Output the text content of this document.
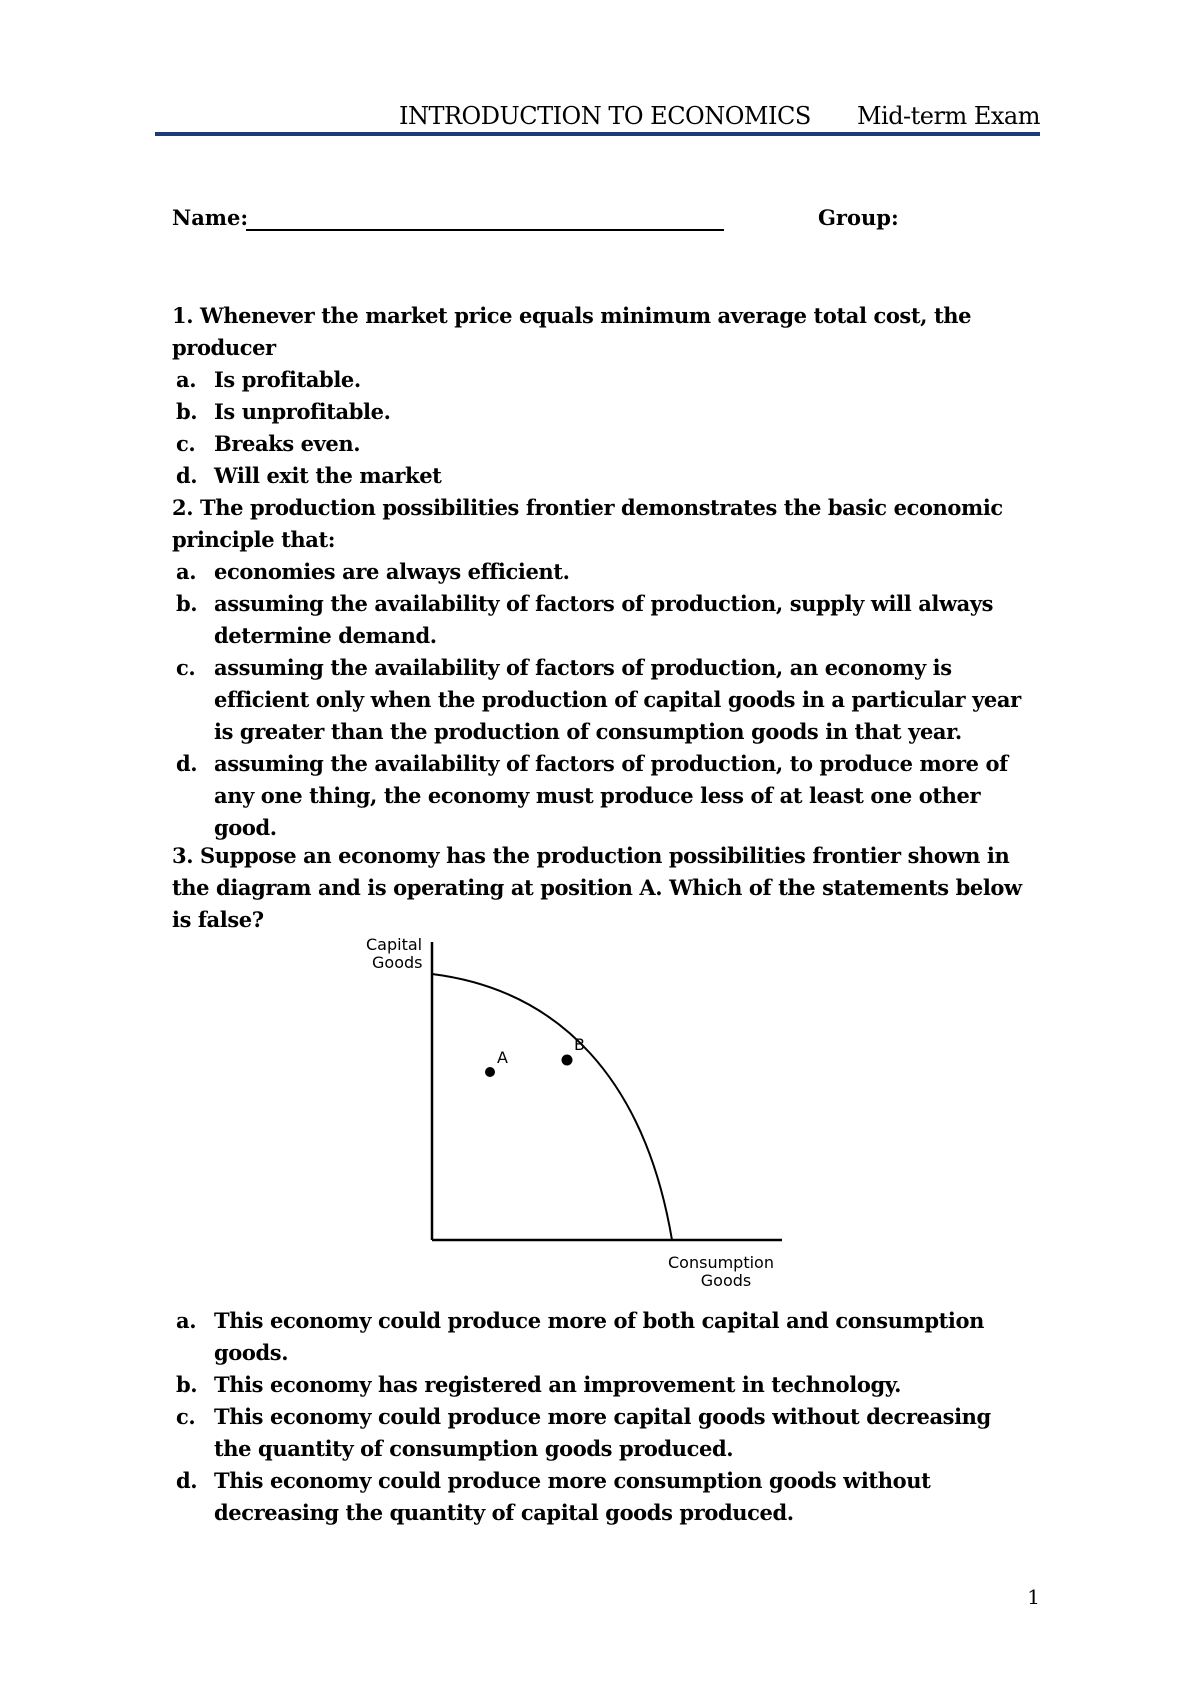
INTRODUCTION TO ECONOMICS Mid-term Exam
Name:	Group:

1. Whenever the market price equals minimum average total cost, the producer

a. Is profitable.
b. Is unprofitable.
c. Breaks even.
d. Will exit the market

2. The production possibilities frontier demonstrates the basic economic principle that:

a. economies are always efficient.
b. assuming the availability of factors of production, supply will always determine demand.
c. assuming the availability of factors of production, an economy is efficient only when the production of capital goods in a particular year is greater than the production of consumption goods in that year.
d. assuming the availability of factors of production, to produce more of any one thing, the economy must produce less of at least one other good.

3. Suppose an economy has the production possibilities frontier shown in the diagram and is operating at position A. Which of the statements below is false?

Capital
Goods
A
B
Consumption
Goods
a. This economy could produce more of both capital and consumption goods.
b. This economy has registered an improvement in technology.
c. This economy could produce more capital goods without decreasing the quantity of consumption goods produced.
d. This economy could produce more consumption goods without decreasing the quantity of capital goods produced.
1
